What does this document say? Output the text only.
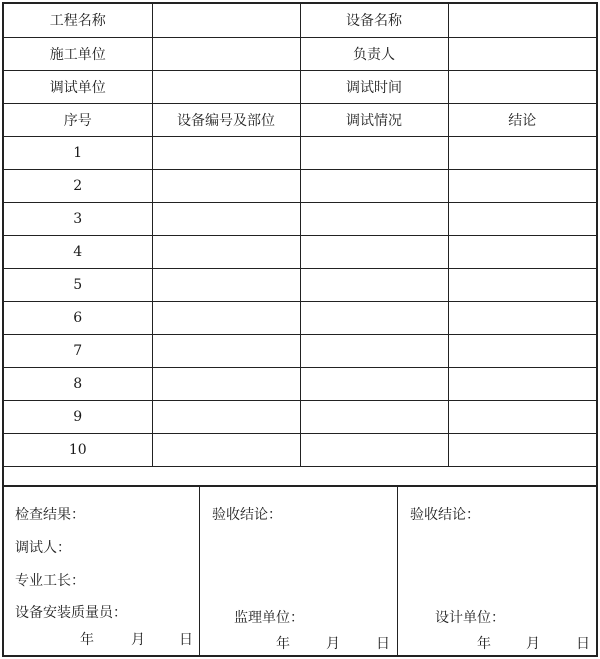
工程名称		设备名称	
施工单位		负责人	
调试单位		调试时间	
序号	设备编号及部位	调试情况	结论
1			
2			
3			
4			
5			
6			
7			
8			
9			
10			
检查结果：
调试人：
专业工长：
设备安装质量员：
年	月 日
验收结论：
监理单位：
年	月	日
验收结论：
设计单位：
年	月	日
